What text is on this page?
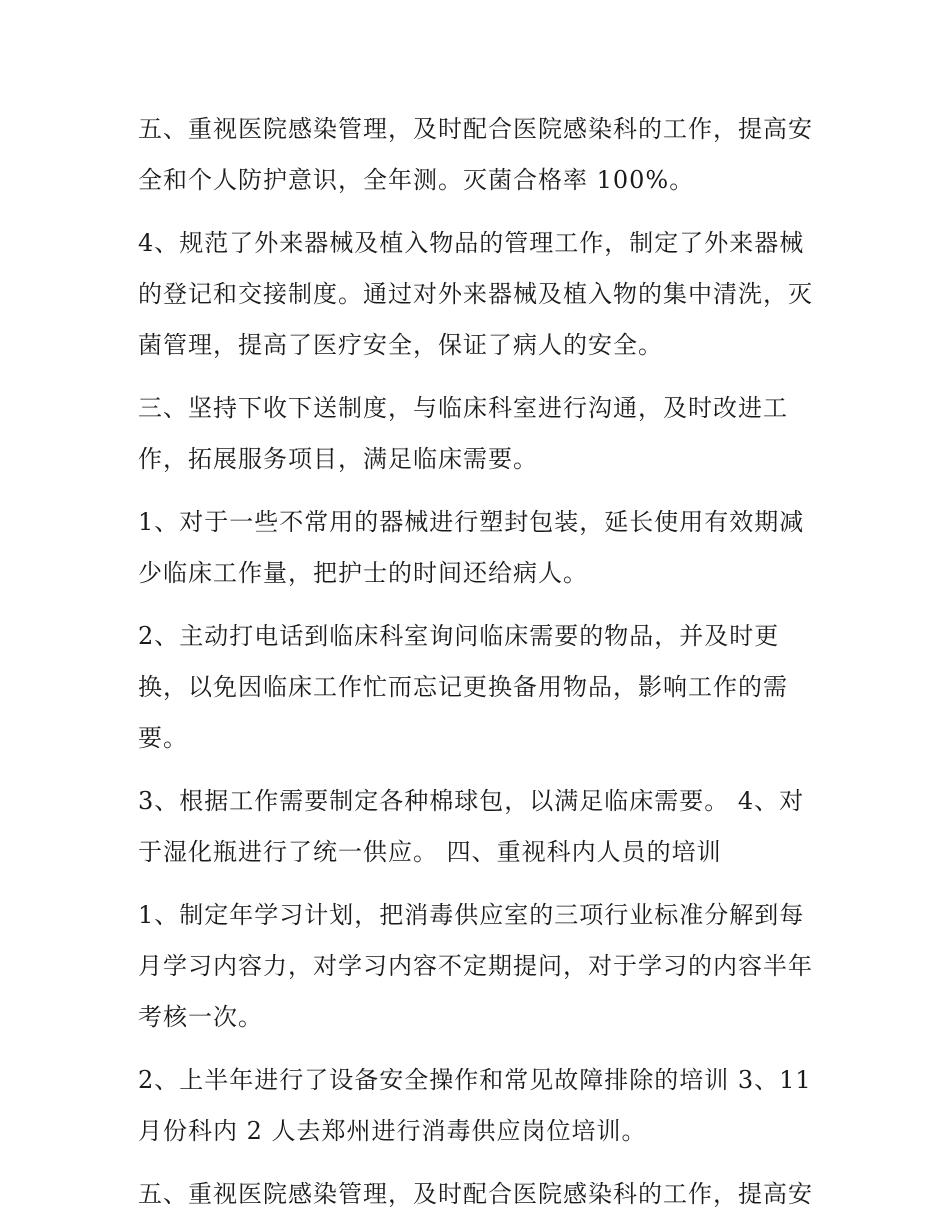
五、重视医院感染管理，及时配合医院感染科的工作，提高安
全和个人防护意识，全年测。灭菌合格率 100%。

4、规范了外来器械及植入物品的管理工作，制定了外来器械
的登记和交接制度。通过对外来器械及植入物的集中清洗，灭
菌管理，提高了医疗安全，保证了病人的安全。

三、坚持下收下送制度，与临床科室进行沟通，及时改进工
作，拓展服务项目，满足临床需要。

1、对于一些不常用的器械进行塑封包装，延长使用有效期减
少临床工作量，把护士的时间还给病人。

2、主动打电话到临床科室询问临床需要的物品，并及时更
换，以免因临床工作忙而忘记更换备用物品，影响工作的需
要。

3、根据工作需要制定各种棉球包，以满足临床需要。 4、对
于湿化瓶进行了统一供应。 四、重视科内人员的培训

1、制定年学习计划，把消毒供应室的三项行业标准分解到每
月学习内容力，对学习内容不定期提问，对于学习的内容半年
考核一次。

2、上半年进行了设备安全操作和常见故障排除的培训 3、11
月份科内 2 人去郑州进行消毒供应岗位培训。

五、重视医院感染管理，及时配合医院感染科的工作，提高安
